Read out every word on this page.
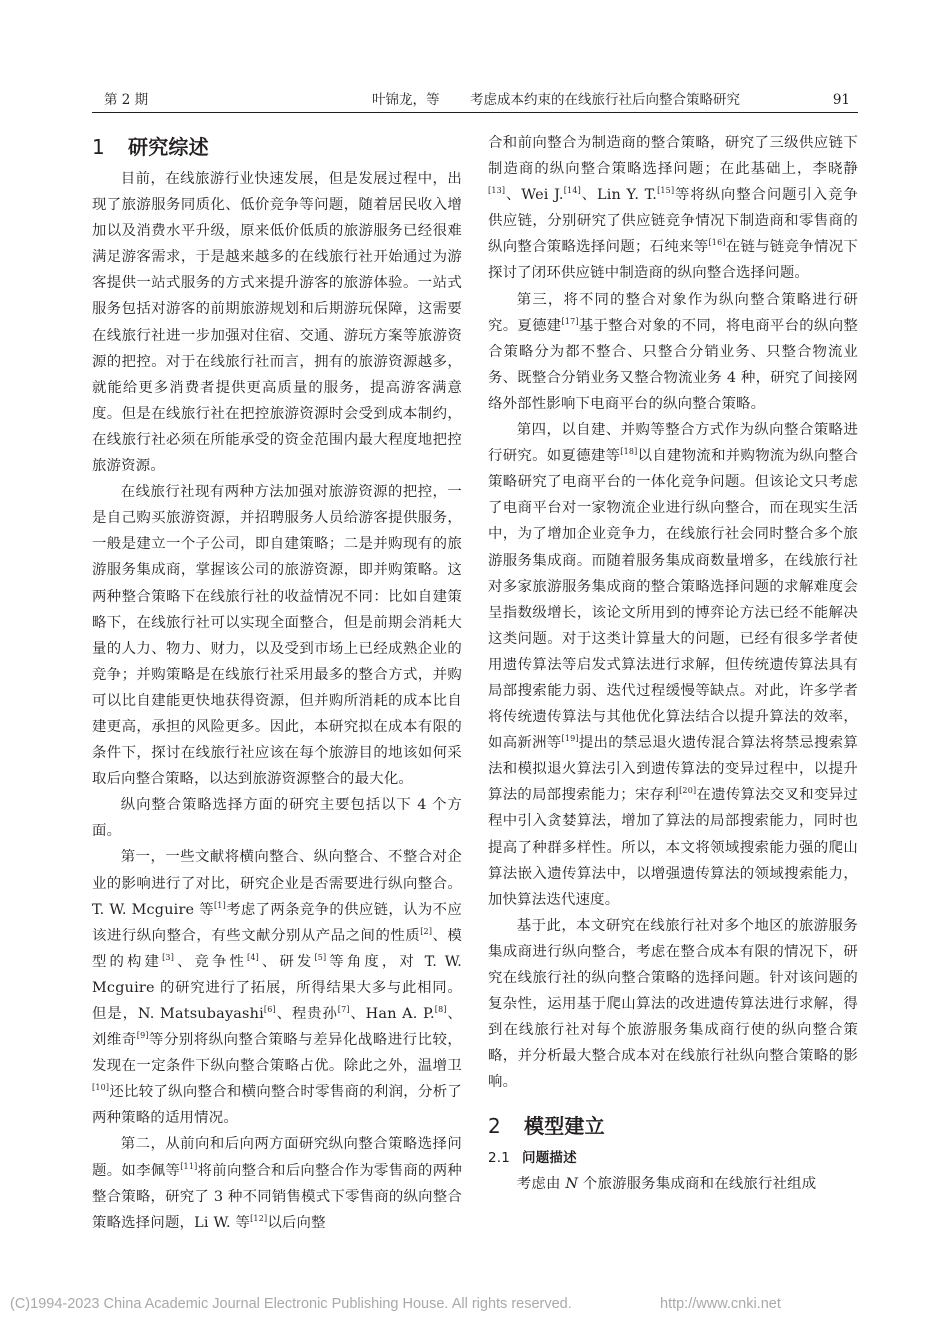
第 2 期	叶锦龙，等 考虑成本约束的在线旅行社后向整合策略研究	91
1 研究综述

目前，在线旅游行业快速发展，但是发展过程中，出现了旅游服务同质化、低价竞争等问题，随着居民收入增加以及消费水平升级，原来低价低质的旅游服务已经很难满足游客需求，于是越来越多的在线旅行社开始通过为游客提供一站式服务的方式来提升游客的旅游体验。一站式服务包括对游客的前期旅游规划和后期游玩保障，这需要在线旅行社进一步加强对住宿、交通、游玩方案等旅游资源的把控。对于在线旅行社而言，拥有的旅游资源越多，就能给更多消费者提供更高质量的服务，提高游客满意度。但是在线旅行社在把控旅游资源时会受到成本制约，在线旅行社必须在所能承受的资金范围内最大程度地把控旅游资源。

在线旅行社现有两种方法加强对旅游资源的把控，一是自己购买旅游资源，并招聘服务人员给游客提供服务，一般是建立一个子公司，即自建策略；二是并购现有的旅游服务集成商，掌握该公司的旅游资源，即并购策略。这两种整合策略下在线旅行社的收益情况不同：比如自建策略下，在线旅行社可以实现全面整合，但是前期会消耗大量的人力、物力、财力，以及受到市场上已经成熟企业的竞争；并购策略是在线旅行社采用最多的整合方式，并购可以比自建能更快地获得资源，但并购所消耗的成本比自建更高，承担的风险更多。因此，本研究拟在成本有限的条件下，探讨在线旅行社应该在每个旅游目的地该如何采取后向整合策略，以达到旅游资源整合的最大化。

纵向整合策略选择方面的研究主要包括以下 4 个方面。

第一，一些文献将横向整合、纵向整合、不整合对企业的影响进行了对比，研究企业是否需要进行纵向整合。T. W. Mcguire 等[1]考虑了两条竞争的供应链，认为不应该进行纵向整合，有些文献分别从产品之间的性质[2]、模型的构建[3]、竞争性[4]、研发[5]等角度，对 T. W. Mcguire 的研究进行了拓展，所得结果大多与此相同。但是，N. Matsubayashi[6]、程贵孙[7]、Han A. P.[8]、刘维奇[9]等分别将纵向整合策略与差异化战略进行比较，发现在一定条件下纵向整合策略占优。除此之外，温增卫[10]还比较了纵向整合和横向整合时零售商的利润，分析了两种策略的适用情况。

第二，从前向和后向两方面研究纵向整合策略选择问题。如李佩等[11]将前向整合和后向整合作为零售商的两种整合策略，研究了 3 种不同销售模式下零售商的纵向整合策略选择问题，Li W. 等[12]以后向整

合和前向整合为制造商的整合策略，研究了三级供应链下制造商的纵向整合策略选择问题；在此基础上，李晓静[13]、Wei J.[14]、Lin Y. T.[15]等将纵向整合问题引入竞争供应链，分别研究了供应链竞争情况下制造商和零售商的纵向整合策略选择问题；石纯来等[16]在链与链竞争情况下探讨了闭环供应链中制造商的纵向整合选择问题。

第三，将不同的整合对象作为纵向整合策略进行研究。夏德建[17]基于整合对象的不同，将电商平台的纵向整合策略分为都不整合、只整合分销业务、只整合物流业务、既整合分销业务又整合物流业务 4 种，研究了间接网络外部性影响下电商平台的纵向整合策略。

第四，以自建、并购等整合方式作为纵向整合策略进行研究。如夏德建等[18]以自建物流和并购物流为纵向整合策略研究了电商平台的一体化竞争问题。但该论文只考虑了电商平台对一家物流企业进行纵向整合，而在现实生活中，为了增加企业竞争力，在线旅行社会同时整合多个旅游服务集成商。而随着服务集成商数量增多，在线旅行社对多家旅游服务集成商的整合策略选择问题的求解难度会呈指数级增长，该论文所用到的博弈论方法已经不能解决这类问题。对于这类计算量大的问题，已经有很多学者使用遗传算法等启发式算法进行求解，但传统遗传算法具有局部搜索能力弱、迭代过程缓慢等缺点。对此，许多学者将传统遗传算法与其他优化算法结合以提升算法的效率，如高新洲等[19]提出的禁忌退火遗传混合算法将禁忌搜索算法和模拟退火算法引入到遗传算法的变异过程中，以提升算法的局部搜索能力；宋存利[20]在遗传算法交叉和变异过程中引入贪婪算法，增加了算法的局部搜索能力，同时也提高了种群多样性。所以，本文将领域搜索能力强的爬山算法嵌入遗传算法中，以增强遗传算法的领域搜索能力，加快算法迭代速度。

基于此，本文研究在线旅行社对多个地区的旅游服务集成商进行纵向整合，考虑在整合成本有限的情况下，研究在线旅行社的纵向整合策略的选择问题。针对该问题的复杂性，运用基于爬山算法的改进遗传算法进行求解，得到在线旅行社对每个旅游服务集成商行使的纵向整合策略，并分析最大整合成本对在线旅行社纵向整合策略的影响。

2 模型建立
2.1 问题描述

考虑由 N 个旅游服务集成商和在线旅行社组成

(C)1994-2023 China Academic Journal Electronic Publishing House. All rights reserved.	http://www.cnki.net
